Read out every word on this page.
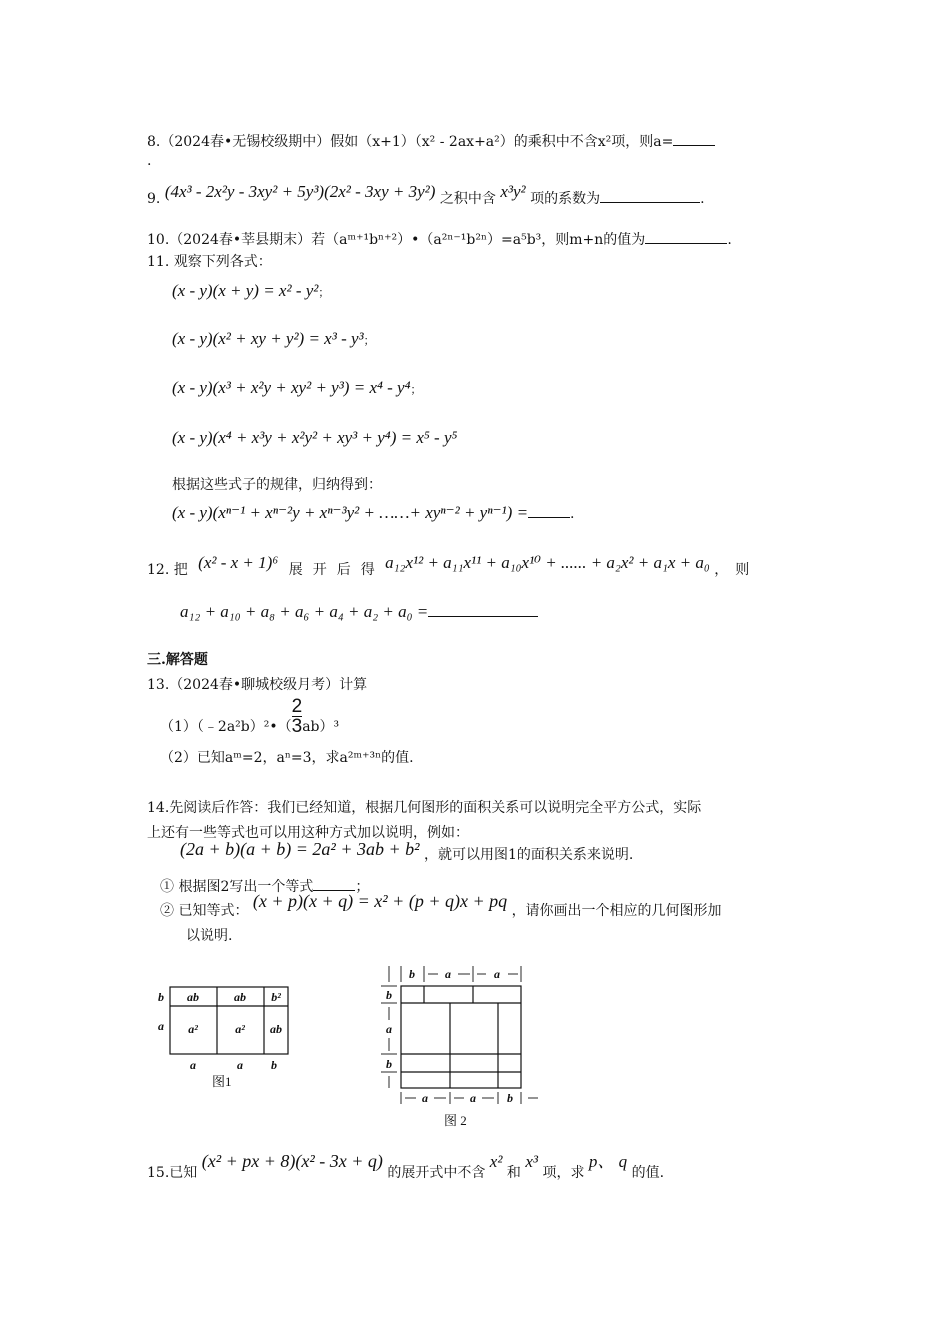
8.（2024春•无锡校级期中）假如（x+1）（x² - 2ax+a²）的乘积中不含x²项，则a=
.
9. (4x³ - 2x²y - 3xy² + 5y³)(2x² - 3xy + 3y²) 之积中含 x³y² 项的系数为	.
10.（2024春•莘县期末）若（aᵐ⁺¹bⁿ⁺²）•（a²ⁿ⁻¹b²ⁿ）=a⁵b³，则m+n的值为	.
11. 观察下列各式：
(x - y)(x + y) = x² - y²；
(x - y)(x² + xy + y²) = x³ - y³；
(x - y)(x³ + x²y + xy² + y³) = x⁴ - y⁴；
(x - y)(x⁴ + x³y + x²y² + xy³ + y⁴) = x⁵ - y⁵
根据这些式子的规律，归纳得到：
(x - y)(xⁿ⁻¹ + xⁿ⁻²y + xⁿ⁻³y² + ……+ xyⁿ⁻² + yⁿ⁻¹) =	.
12. 把 (x² - x + 1)⁶ 展 开 后 得 a₁₂x¹² + a₁₁x¹¹ + a₁₀x¹⁰ + ...... + a₂x² + a₁x + a₀ ，　则
a₁₂ + a₁₀ + a₈ + a₆ + a₄ + a₂ + a₀ =
三.解答题
13.（2024春•聊城校级月考）计算
（1）（﹣2a²b）²•（ $\frac{2}{3} ab)^3$
（2）已知aᵐ=2，aⁿ=3，求a²ᵐ⁺³ⁿ的值.
14.先阅读后作答：我们已经知道，根据几何图形的面积关系可以说明完全平方公式，实际
上还有一些等式也可以用这种方式加以说明，例如：
(2a + b)(a + b) = 2a² + 3ab + b² ，就可以用图1的面积关系来说明.
① 根据图2写出一个等式	；
② 已知等式： (x + p)(x + q) = x² + (p + q)x + pq ，请你画出一个相应的几何图形加
以说明.
ab	ab b²
a²	a² ab
b
a
a	a b
图1
b	a	a
b
a
b
a	a	b
图 2
15.已知 (x² + px + 8)(x² - 3x + q) 的展开式中不含 x² 和 x³ 项，求 p、 q 的值.
